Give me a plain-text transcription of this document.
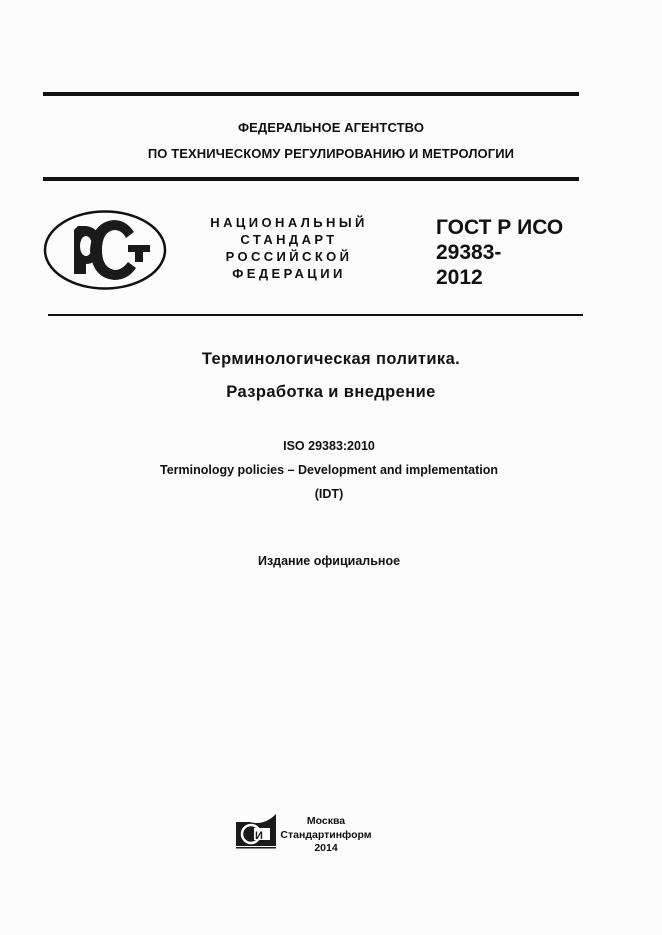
ФЕДЕРАЛЬНОЕ АГЕНТСТВО
ПО ТЕХНИЧЕСКОМУ РЕГУЛИРОВАНИЮ И МЕТРОЛОГИИ
НАЦИОНАЛЬНЫЙ
СТАНДАРТ
РОССИЙСКОЙ
ФЕДЕРАЦИИ
ГОСТ Р ИСО
29383-
2012
Терминологическая политика.
Разработка и внедрение
ISO 29383:2010
Terminology policies – Development and implementation
(IDT)
Издание официальное
И
Москва
Стандартинформ
2014
